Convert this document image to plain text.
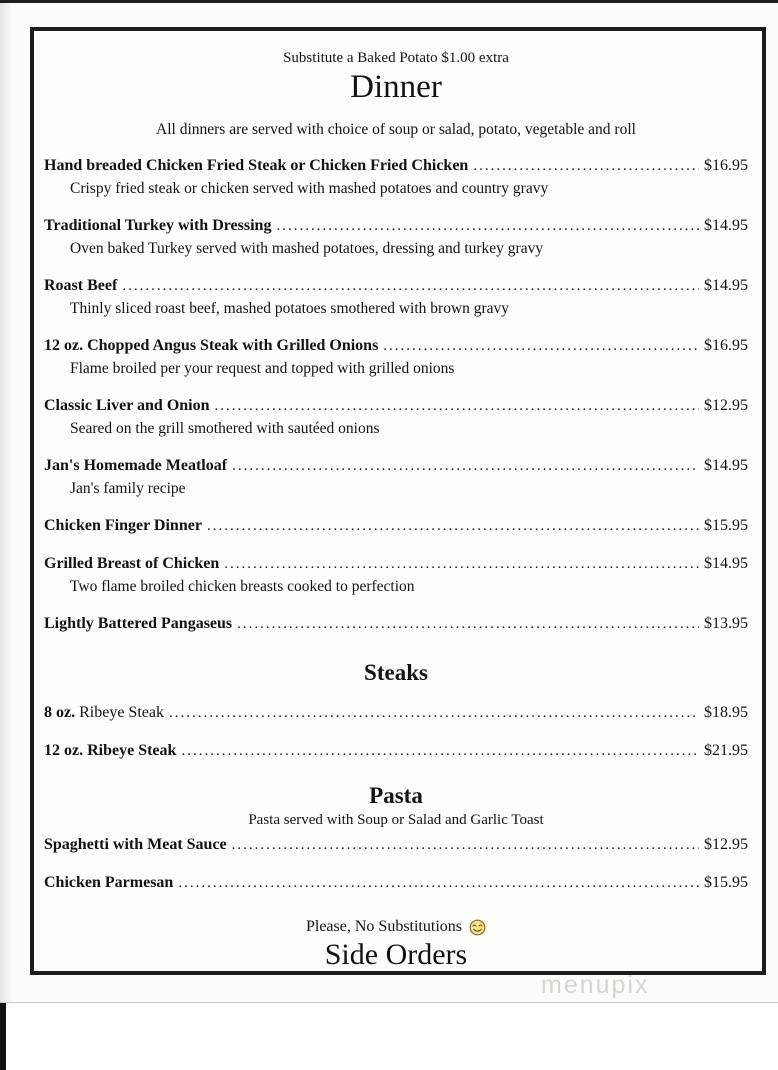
Substitute a Baked Potato $1.00 extra
Dinner
All dinners are served with choice of soup or salad, potato, vegetable and roll
Hand breaded Chicken Fried Steak or Chicken Fried Chicken .....	$16.95

Crispy fried steak or chicken served with mashed potatoes and country gravy

Traditional Turkey with Dressing .....	$14.95

Oven baked Turkey served with mashed potatoes, dressing and turkey gravy

Roast Beef .....	$14.95

Thinly sliced roast beef, mashed potatoes smothered with brown gravy

12 oz. Chopped Angus Steak with Grilled Onions .....	$16.95

Flame broiled per your request and topped with grilled onions

Classic Liver and Onion .....	$12.95

Seared on the grill smothered with sautéed onions

Jan's Homemade Meatloaf .....	$14.95

Jan's family recipe

Chicken Finger Dinner .....	$15.95
Grilled Breast of Chicken .....	$14.95

Two flame broiled chicken breasts cooked to perfection

Lightly Battered Pangaseus .....	$13.95
Steaks
8 oz. Ribeye Steak .....	$18.95
12 oz. Ribeye Steak .....	$21.95
Pasta
Pasta served with Soup or Salad and Garlic Toast
Spaghetti with Meat Sauce .....	$12.95
Chicken Parmesan .....	$15.95
Please, No Substitutions
Side Orders
menupix
